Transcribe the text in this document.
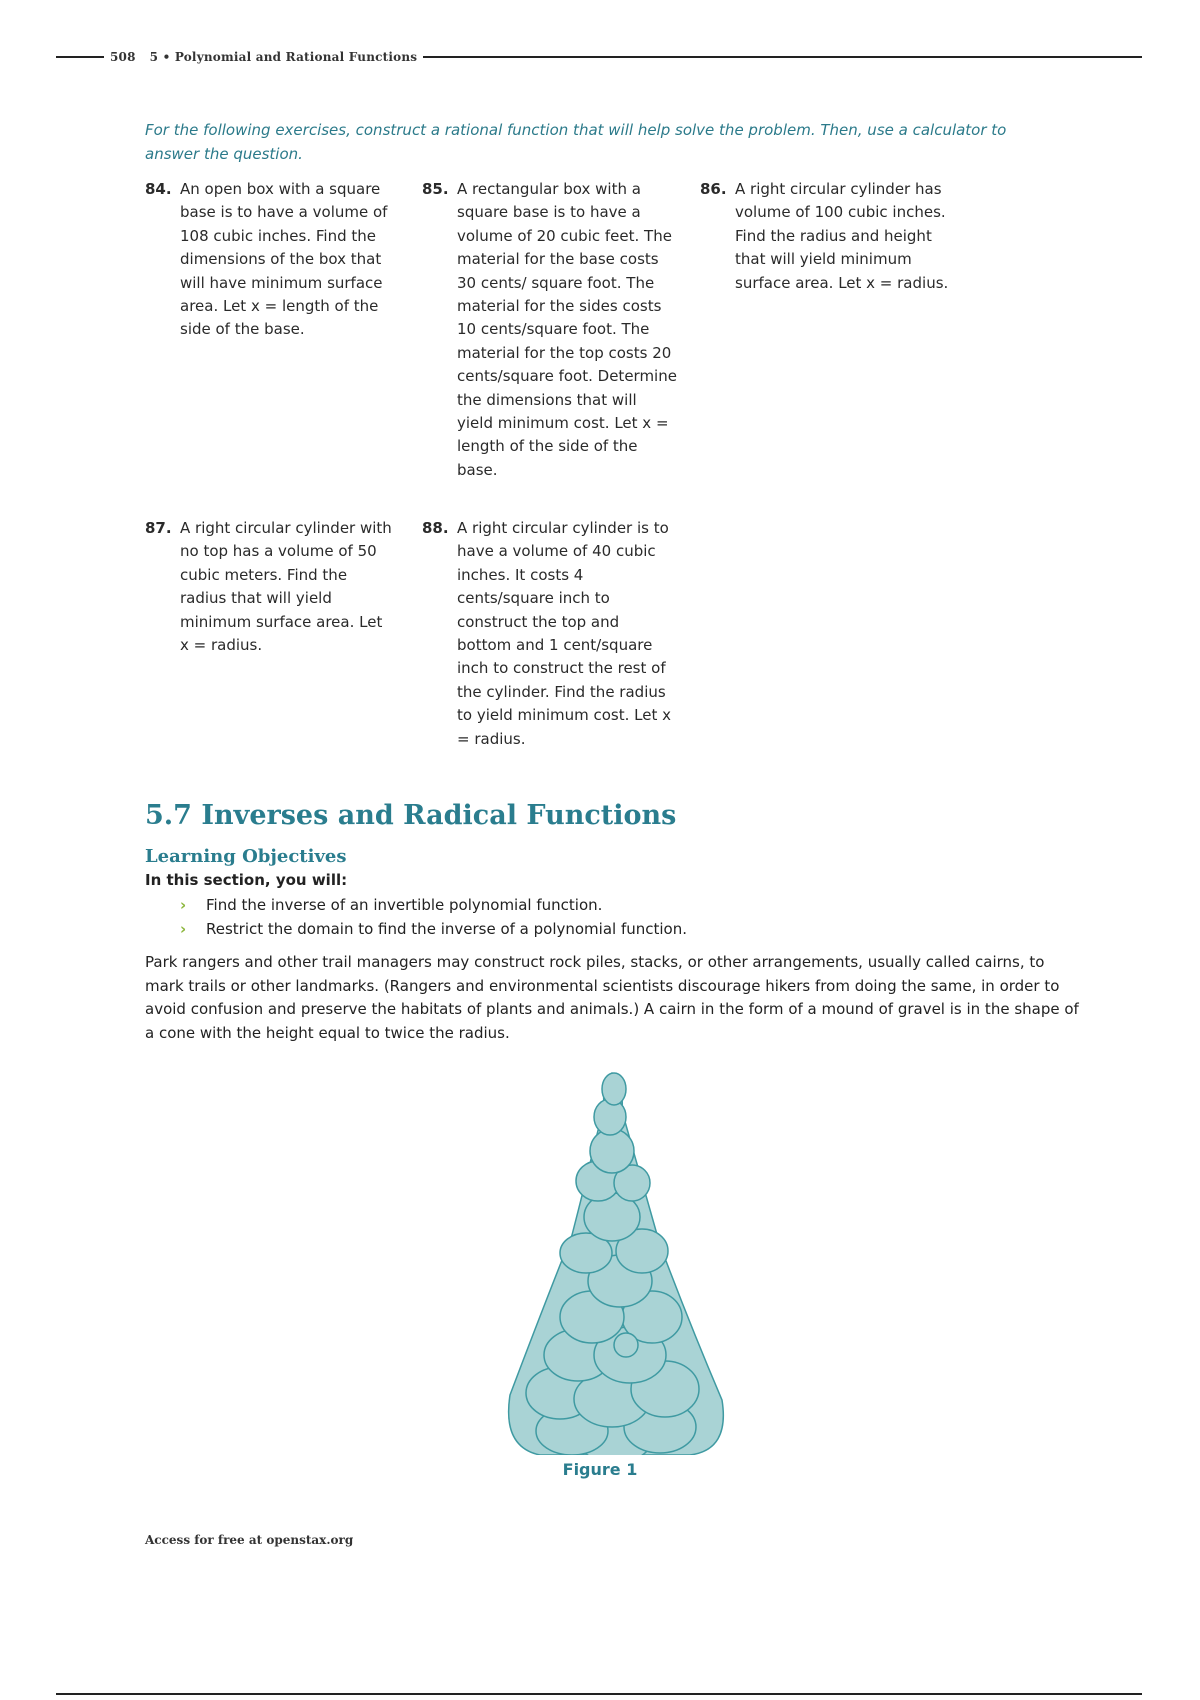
508 5 • Polynomial and Rational Functions
For the following exercises, construct a rational function that will help solve the problem. Then, use a calculator to answer the question.
84. An open box with a square base is to have a volume of 108 cubic inches. Find the dimensions of the box that will have minimum surface area. Let x = length of the side of the base.
85. A rectangular box with a square base is to have a volume of 20 cubic feet. The material for the base costs 30 cents/ square foot. The material for the sides costs 10 cents/square foot. The material for the top costs 20 cents/square foot. Determine the dimensions that will yield minimum cost. Let x = length of the side of the base.
86. A right circular cylinder has volume of 100 cubic inches. Find the radius and height that will yield minimum surface area. Let x = radius.
87. A right circular cylinder with no top has a volume of 50 cubic meters. Find the radius that will yield minimum surface area. Let x = radius.
88. A right circular cylinder is to have a volume of 40 cubic inches. It costs 4 cents/square inch to construct the top and bottom and 1 cent/square inch to construct the rest of the cylinder. Find the radius to yield minimum cost. Let x = radius.
5.7 Inverses and Radical Functions
Learning Objectives
In this section, you will:
› Find the inverse of an invertible polynomial function.
› Restrict the domain to find the inverse of a polynomial function.

Park rangers and other trail managers may construct rock piles, stacks, or other arrangements, usually called cairns, to mark trails or other landmarks. (Rangers and environmental scientists discourage hikers from doing the same, in order to avoid confusion and preserve the habitats of plants and animals.) A cairn in the form of a mound of gravel is in the shape of a cone with the height equal to twice the radius.

Figure 1
Access for free at openstax.org
